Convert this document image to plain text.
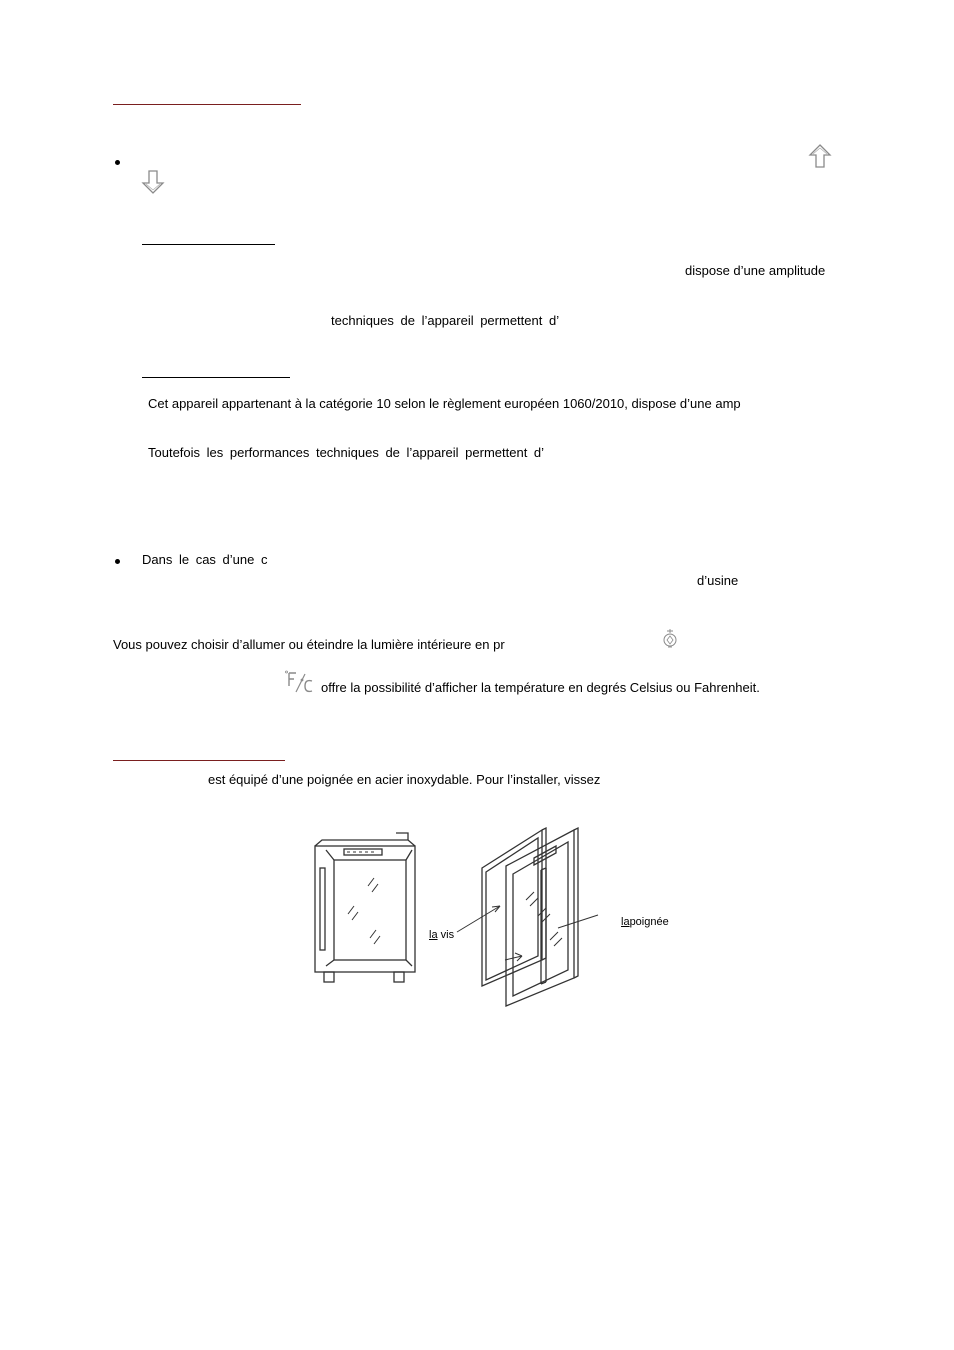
dispose d’une amplitude
techniques de l’appareil permettent d’
Cet appareil appartenant à la catégorie 10 selon le règlement européen 1060/2010, dispose d’une amp
Toutefois les performances techniques de l’appareil permettent d’
Dans le cas d’une c
d’usine
Vous pouvez choisir d’allumer ou éteindre la lumière intérieure en pr
offre la possibilité d’afficher la température en degrés Celsius ou Fahrenheit.
est équipé d’une poignée en acier inoxydable. Pour l’installer, vissez
la vis
lapoignée
